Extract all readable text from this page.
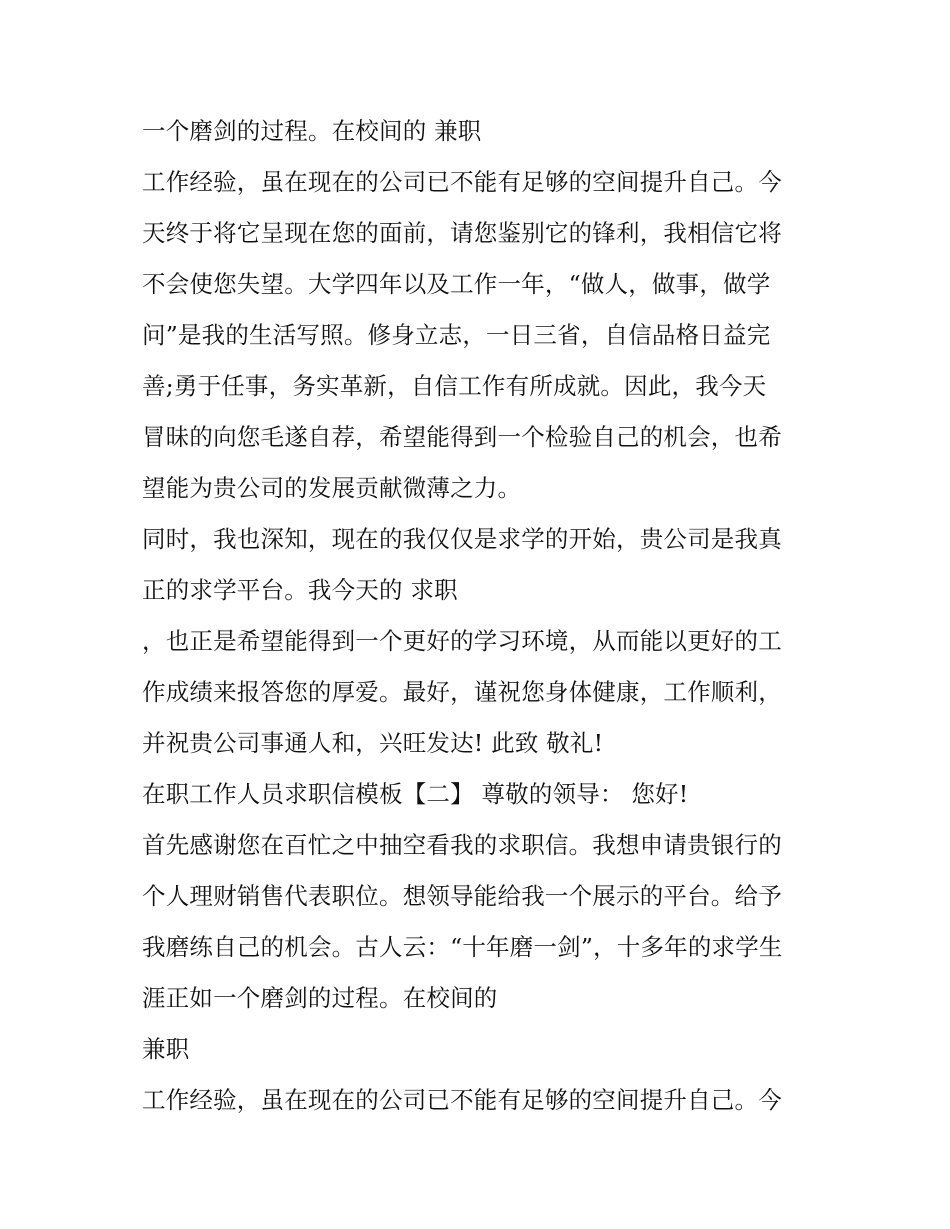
一个磨剑的过程。在校间的 兼职
工作经验，虽在现在的公司已不能有足够的空间提升自己。今
天终于将它呈现在您的面前，请您鉴别它的锋利，我相信它将
不会使您失望。大学四年以及工作一年，“做人，做事，做学
问”是我的生活写照。修身立志，一日三省，自信品格日益完
善;勇于任事，务实革新，自信工作有所成就。因此，我今天
冒昧的向您毛遂自荐，希望能得到一个检验自己的机会，也希
望能为贵公司的发展贡献微薄之力。
同时，我也深知，现在的我仅仅是求学的开始，贵公司是我真
正的求学平台。我今天的 求职
，也正是希望能得到一个更好的学习环境，从而能以更好的工
作成绩来报答您的厚爱。最好，谨祝您身体健康，工作顺利，
并祝贵公司事通人和，兴旺发达! 此致 敬礼!
在职工作人员求职信模板【二】 尊敬的领导： 您好!
首先感谢您在百忙之中抽空看我的求职信。我想申请贵银行的
个人理财销售代表职位。想领导能给我一个展示的平台。给予
我磨练自己的机会。古人云：“十年磨一剑”，十多年的求学生
涯正如一个磨剑的过程。在校间的
兼职
工作经验，虽在现在的公司已不能有足够的空间提升自己。今
